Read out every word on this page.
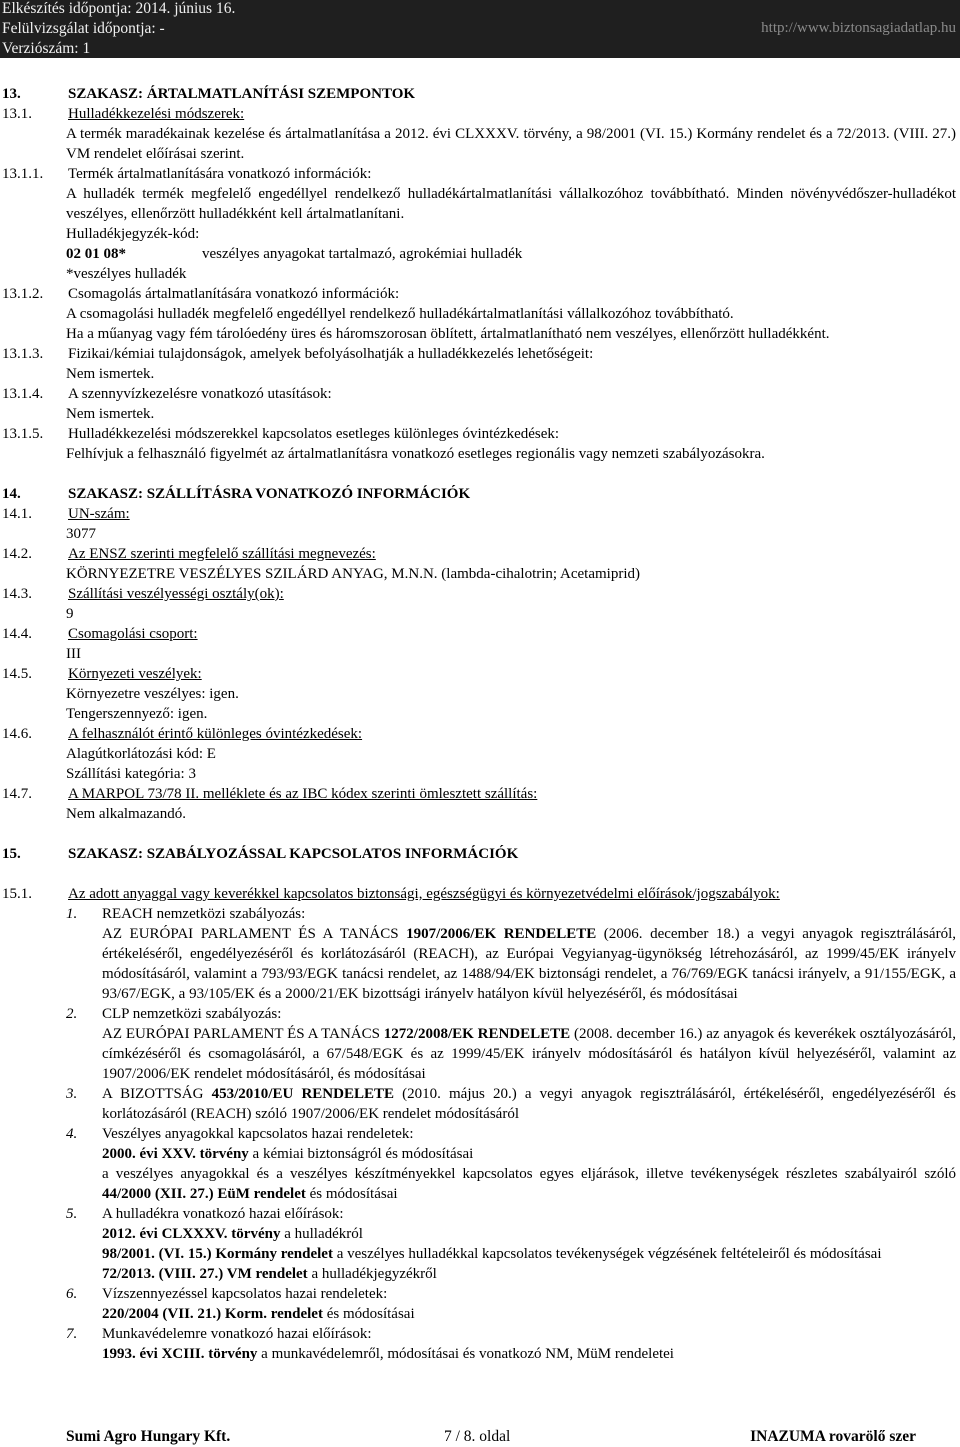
Elkészítés időpontja: 2014. június 16.
Felülvizsgálat időpontja: -
Verziószám: 1
http://www.biztonsagiadatlap.hu
13.	SZAKASZ: ÁRTALMATLANÍTÁSI SZEMPONTOK
13.1.	Hulladékkezelési módszerek:
A termék maradékainak kezelése és ártalmatlanítása a 2012. évi CLXXXV. törvény, a 98/2001 (VI. 15.) Kormány rendelet és a 72/2013. (VIII. 27.) VM rendelet előírásai szerint.
13.1.1.	Termék ártalmatlanítására vonatkozó információk:
A hulladék termék megfelelő engedéllyel rendelkező hulladékártalmatlanítási vállalkozóhoz továbbítható. Minden növényvédőszer-hulladékot veszélyes, ellenőrzött hulladékként kell ártalmatlanítani.
Hulladékjegyzék-kód:
02 01 08*	veszélyes anyagokat tartalmazó, agrokémiai hulladék
*veszélyes hulladék
13.1.2.	Csomagolás ártalmatlanítására vonatkozó információk:
A csomagolási hulladék megfelelő engedéllyel rendelkező hulladékártalmatlanítási vállalkozóhoz továbbítható.
Ha a műanyag vagy fém tárolóedény üres és háromszorosan öblített, ártalmatlanítható nem veszélyes, ellenőrzött hulladékként.
13.1.3.	Fizikai/kémiai tulajdonságok, amelyek befolyásolhatják a hulladékkezelés lehetőségeit:
Nem ismertek.
13.1.4.	A szennyvízkezelésre vonatkozó utasítások:
Nem ismertek.
13.1.5.	Hulladékkezelési módszerekkel kapcsolatos esetleges különleges óvintézkedések:
Felhívjuk a felhasználó figyelmét az ártalmatlanításra vonatkozó esetleges regionális vagy nemzeti szabályozásokra.
14.	SZAKASZ: SZÁLLÍTÁSRA VONATKOZÓ INFORMÁCIÓK
14.1.	UN-szám:
3077
14.2.	Az ENSZ szerinti megfelelő szállítási megnevezés:
KÖRNYEZETRE VESZÉLYES SZILÁRD ANYAG, M.N.N. (lambda-cihalotrin; Acetamiprid)
14.3.	Szállítási veszélyességi osztály(ok):
9
14.4.	Csomagolási csoport:
III
14.5.	Környezeti veszélyek:
Környezetre veszélyes: igen.
Tengerszennyező: igen.
14.6.	A felhasználót érintő különleges óvintézkedések:
Alagútkorlátozási kód: E
Szállítási kategória: 3
14.7.	A MARPOL 73/78 II. melléklete és az IBC kódex szerinti ömlesztett szállítás:
Nem alkalmazandó.
15.	SZAKASZ: SZABÁLYOZÁSSAL KAPCSOLATOS INFORMÁCIÓK
15.1.	Az adott anyaggal vagy keverékkel kapcsolatos biztonsági, egészségügyi és környezetvédelmi előírások/jogszabályok:
1.	REACH nemzetközi szabályozás:
AZ EURÓPAI PARLAMENT ÉS A TANÁCS 1907/2006/EK RENDELETE (2006. december 18.) a vegyi anyagok regisztrálásáról, értékeléséről, engedélyezéséről és korlátozásáról (REACH), az Európai Vegyianyag-ügynökség létrehozásáról, az 1999/45/EK irányelv módosításáról, valamint a 793/93/EGK tanácsi rendelet, az 1488/94/EK biztonsági rendelet, a 76/769/EGK tanácsi irányelv, a 91/155/EGK, a 93/67/EGK, a 93/105/EK és a 2000/21/EK bizottsági irányelv hatályon kívül helyezéséről, és módosításai
2.	CLP nemzetközi szabályozás:
AZ EURÓPAI PARLAMENT ÉS A TANÁCS 1272/2008/EK RENDELETE (2008. december 16.) az anyagok és keverékek osztályozásáról, címkézéséről és csomagolásáról, a 67/548/EGK és az 1999/45/EK irányelv módosításáról és hatályon kívül helyezéséről, valamint az 1907/2006/EK rendelet módosításáról, és módosításai
3.	A BIZOTTSÁG 453/2010/EU RENDELETE (2010. május 20.) a vegyi anyagok regisztrálásáról, értékeléséről, engedélyezéséről és korlátozásáról (REACH) szóló 1907/2006/EK rendelet módosításáról
4.	Veszélyes anyagokkal kapcsolatos hazai rendeletek:
2000. évi XXV. törvény a kémiai biztonságról és módosításai
a veszélyes anyagokkal és a veszélyes készítményekkel kapcsolatos egyes eljárások, illetve tevékenységek részletes szabályairól szóló 44/2000 (XII. 27.) EüM rendelet és módosításai
5.	A hulladékra vonatkozó hazai előírások:
2012. évi CLXXXV. törvény a hulladékról
98/2001. (VI. 15.) Kormány rendelet a veszélyes hulladékkal kapcsolatos tevékenységek végzésének feltételeiről és módosításai
72/2013. (VIII. 27.) VM rendelet a hulladékjegyzékről
6.	Vízszennyezéssel kapcsolatos hazai rendeletek:
220/2004 (VII. 21.) Korm. rendelet és módosításai
7.	Munkavédelemre vonatkozó hazai előírások:
1993. évi XCIII. törvény a munkavédelemről, módosításai és vonatkozó NM, MüM rendeletei
Sumi Agro Hungary Kft.	7 / 8. oldal	INAZUMA rovarölő szer
